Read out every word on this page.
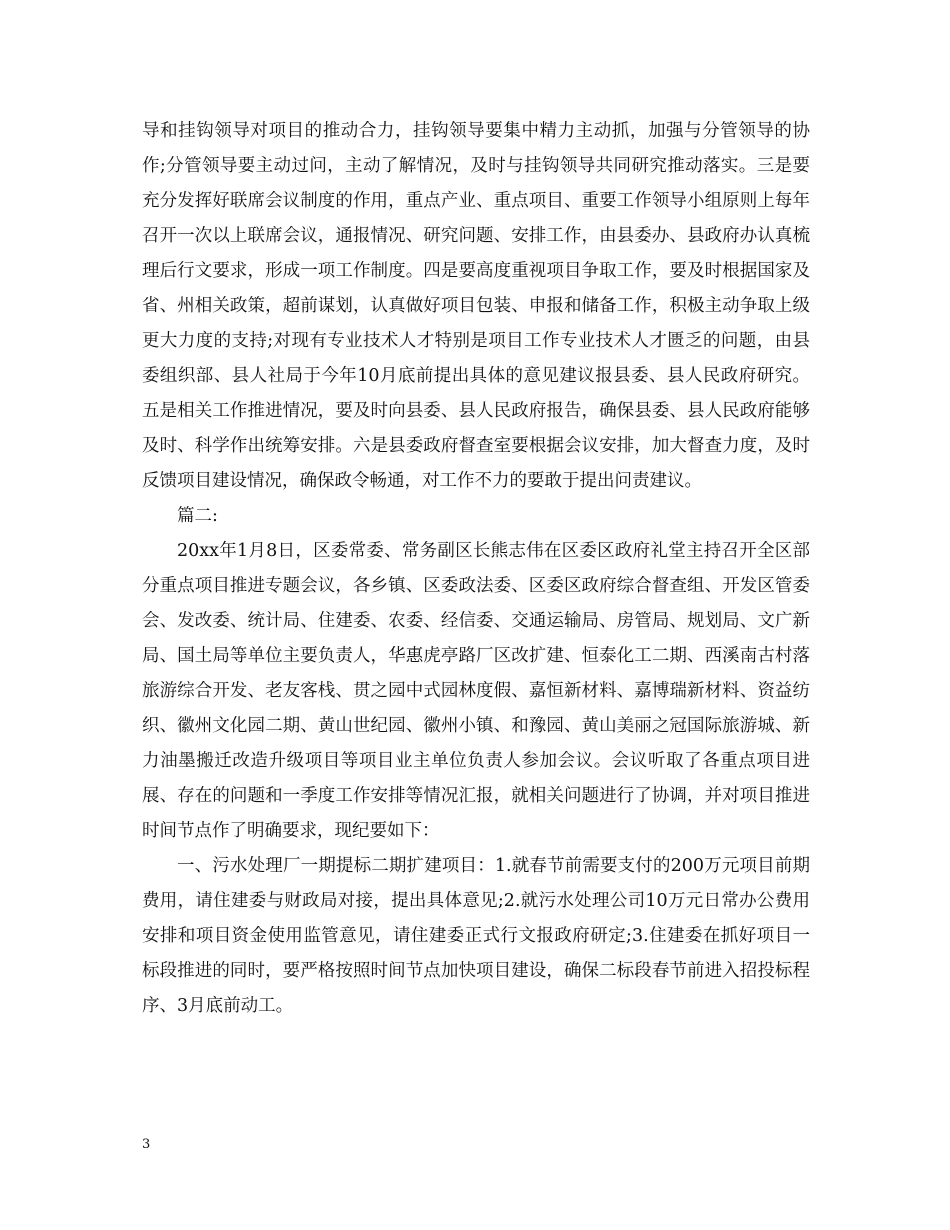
导和挂钩领导对项目的推动合力，挂钩领导要集中精力主动抓，加强与分管领导的协作;分管领导要主动过问，主动了解情况，及时与挂钩领导共同研究推动落实。三是要充分发挥好联席会议制度的作用，重点产业、重点项目、重要工作领导小组原则上每年召开一次以上联席会议，通报情况、研究问题、安排工作，由县委办、县政府办认真梳理后行文要求，形成一项工作制度。四是要高度重视项目争取工作，要及时根据国家及省、州相关政策，超前谋划，认真做好项目包装、申报和储备工作，积极主动争取上级更大力度的支持;对现有专业技术人才特别是项目工作专业技术人才匮乏的问题，由县委组织部、县人社局于今年10月底前提出具体的意见建议报县委、县人民政府研究。五是相关工作推进情况，要及时向县委、县人民政府报告，确保县委、县人民政府能够及时、科学作出统筹安排。六是县委政府督查室要根据会议安排，加大督查力度，及时反馈项目建设情况，确保政令畅通，对工作不力的要敢于提出问责建议。

篇二:

20xx年1月8日，区委常委、常务副区长熊志伟在区委区政府礼堂主持召开全区部分重点项目推进专题会议，各乡镇、区委政法委、区委区政府综合督查组、开发区管委会、发改委、统计局、住建委、农委、经信委、交通运输局、房管局、规划局、文广新局、国土局等单位主要负责人，华惠虎亭路厂区改扩建、恒泰化工二期、西溪南古村落旅游综合开发、老友客栈、贯之园中式园林度假、嘉恒新材料、嘉博瑞新材料、资益纺织、徽州文化园二期、黄山世纪园、徽州小镇、和豫园、黄山美丽之冠国际旅游城、新力油墨搬迁改造升级项目等项目业主单位负责人参加会议。会议听取了各重点项目进展、存在的问题和一季度工作安排等情况汇报，就相关问题进行了协调，并对项目推进时间节点作了明确要求，现纪要如下：

一、污水处理厂一期提标二期扩建项目：1.就春节前需要支付的200万元项目前期费用，请住建委与财政局对接，提出具体意见;2.就污水处理公司10万元日常办公费用安排和项目资金使用监管意见，请住建委正式行文报政府研定;3.住建委在抓好项目一标段推进的同时，要严格按照时间节点加快项目建设，确保二标段春节前进入招投标程序、3月底前动工。

3
